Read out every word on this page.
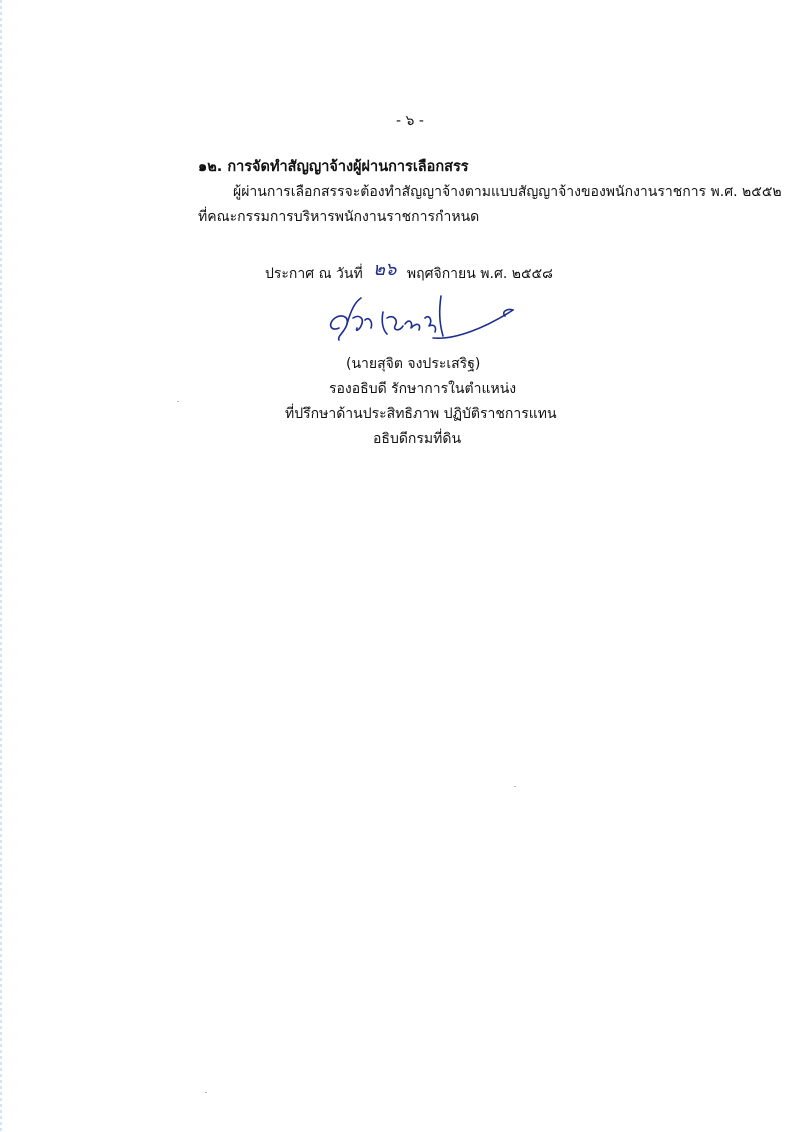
- ๖ -
๑๒. การจัดทำสัญญาจ้างผู้ผ่านการเลือกสรร
ผู้ผ่านการเลือกสรรจะต้องทำสัญญาจ้างตามแบบสัญญาจ้างของพนักงานราชการ พ.ศ. ๒๕๕๒
ที่คณะกรรมการบริหารพนักงานราชการกำหนด
ประกาศ ณ วันที่ ๒๖ พฤศจิกายน พ.ศ. ๒๕๕๘
(นายสุจิต จงประเสริฐ)
รองอธิบดี รักษาการในตำแหน่ง
ที่ปรึกษาด้านประสิทธิภาพ ปฏิบัติราชการแทน
อธิบดีกรมที่ดิน
